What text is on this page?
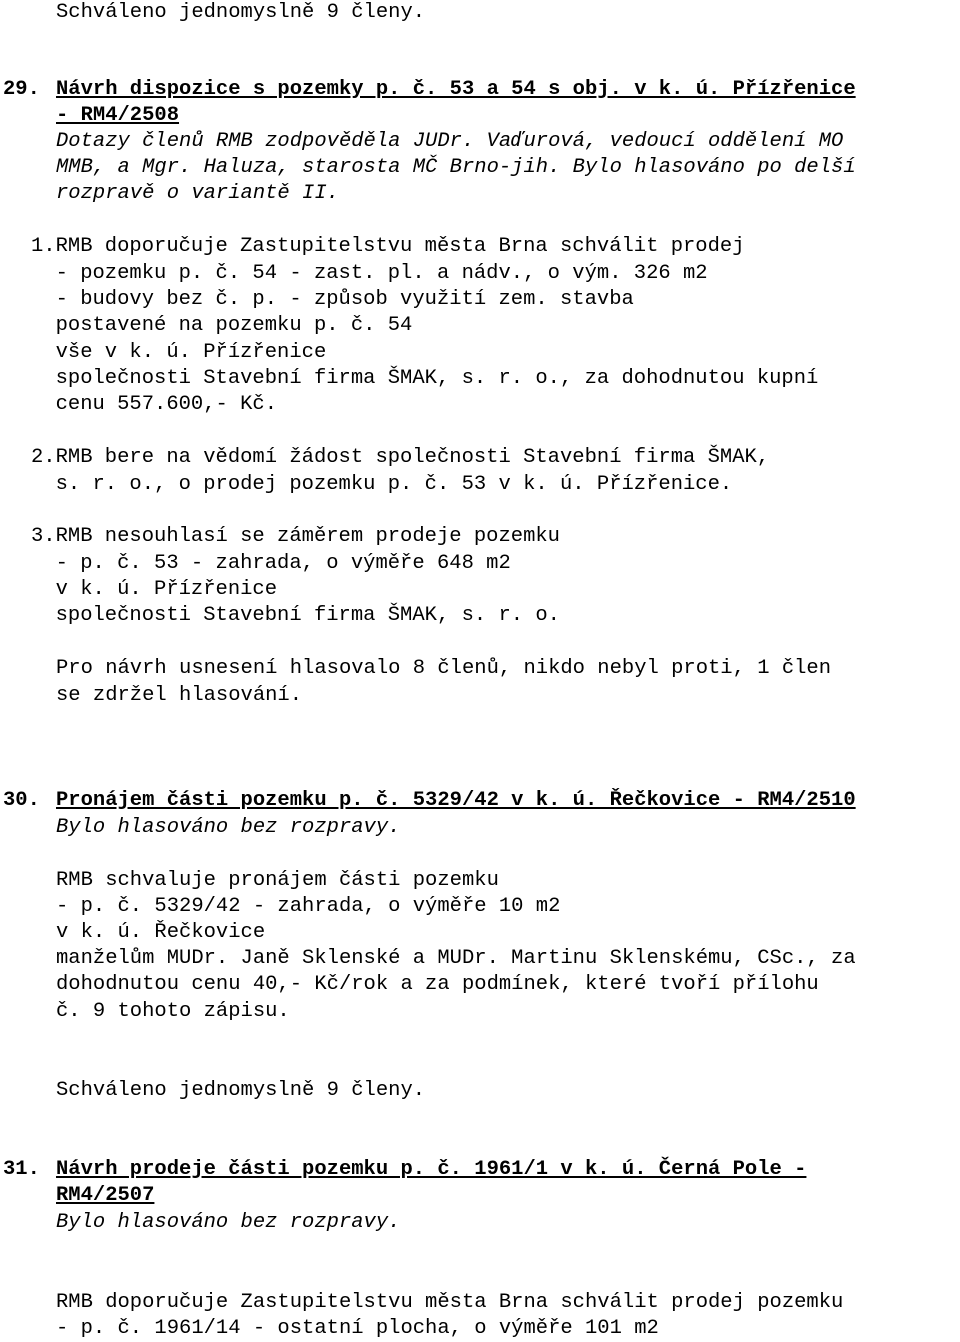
Schváleno jednomyslně 9 členy.
29. Návrh dispozice s pozemky p. č. 53 a 54 s obj. v k. ú. Přízřenice
- RM4/2508
Dotazy členů RMB zodpověděla JUDr. Vaďurová, vedoucí oddělení MO
MMB, a Mgr. Haluza, starosta MČ Brno-jih. Bylo hlasováno po delší
rozpravě o variantě II.
1.RMB doporučuje Zastupitelstvu města Brna schválit prodej
- pozemku p. č. 54 - zast. pl. a nádv., o vým. 326 m2
- budovy bez č. p. - způsob využití zem. stavba
postavené na pozemku p. č. 54
vše v k. ú. Přízřenice
společnosti Stavební firma ŠMAK, s. r. o., za dohodnutou kupní
cenu 557.600,- Kč.
2.RMB bere na vědomí žádost společnosti Stavební firma ŠMAK,
s. r. o., o prodej pozemku p. č. 53 v k. ú. Přízřenice.
3.RMB nesouhlasí se záměrem prodeje pozemku
- p. č. 53 - zahrada, o výměře 648 m2
v k. ú. Přízřenice
společnosti Stavební firma ŠMAK, s. r. o.
Pro návrh usnesení hlasovalo 8 členů, nikdo nebyl proti, 1 člen
se zdržel hlasování.
30. Pronájem části pozemku p. č. 5329/42 v k. ú. Řečkovice - RM4/2510
Bylo hlasováno bez rozpravy.
RMB schvaluje pronájem části pozemku
- p. č. 5329/42 - zahrada, o výměře 10 m2
v k. ú. Řečkovice
manželům MUDr. Janě Sklenské a MUDr. Martinu Sklenskému, CSc., za
dohodnutou cenu 40,- Kč/rok a za podmínek, které tvoří přílohu
č. 9 tohoto zápisu.
Schváleno jednomyslně 9 členy.
31. Návrh prodeje části pozemku p. č. 1961/1 v k. ú. Černá Pole -
RM4/2507
Bylo hlasováno bez rozpravy.
RMB doporučuje Zastupitelstvu města Brna schválit prodej pozemku
- p. č. 1961/14 - ostatní plocha, o výměře 101 m2
